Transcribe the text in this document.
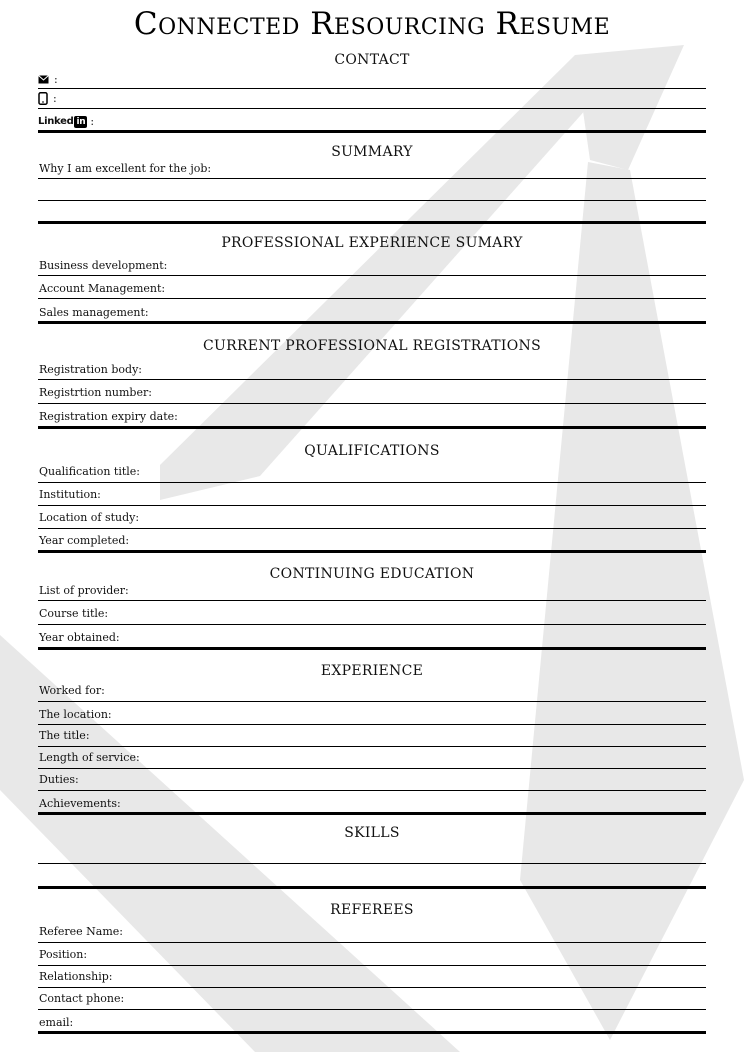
Connected Resourcing Resume
CONTACT
:
:
Linked in :
SUMMARY
Why I am excellent for the job:
PROFESSIONAL EXPERIENCE SUMARY
Business development:
Account Management:
Sales management:
CURRENT PROFESSIONAL REGISTRATIONS
Registration body:
Registrtion number:
Registration expiry date:
QUALIFICATIONS
Qualification title:
Institution:
Location of study:
Year completed:
CONTINUING EDUCATION
List of provider:
Course title:
Year obtained:
EXPERIENCE
Worked for:
The location:
The title:
Length of service:
Duties:
Achievements:
SKILLS
REFEREES
Referee Name:
Position:
Relationship:
Contact phone:
email:
